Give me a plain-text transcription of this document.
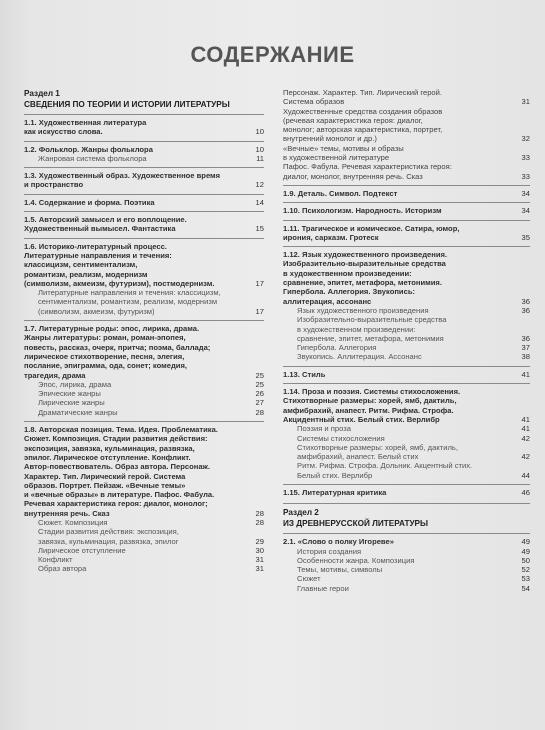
СОДЕРЖАНИЕ
Раздел 1
СВЕДЕНИЯ ПО ТЕОРИИ И ИСТОРИИ ЛИТЕРАТУРЫ
1.1. Художественная литература
как искусство слова.	10
1.2. Фольклор. Жанры фольклора	10
Жанровая система фольклора	11
1.3. Художественный образ. Художественное время
и пространство	12
1.4. Содержание и форма. Поэтика	14
1.5. Авторский замысел и его воплощение.
Художественный вымысел. Фантастика	15
1.6. Историко-литературный процесс.
Литературные направления и течения:
классицизм, сентиментализм,
романтизм, реализм, модернизм
(символизм, акмеизм, футуризм), постмодернизм.	17
Литературные направления и течения: классицизм,
сентиментализм, романтизм, реализм, модернизм
(символизм, акмеизм, футуризм)	17
1.7. Литературные роды: эпос, лирика, драма.
Жанры литературы: роман, роман-эпопея,
повесть, рассказ, очерк, притча; поэма, баллада;
лирическое стихотворение, песня, элегия,
послание, эпиграмма, ода, сонет; комедия,
трагедия, драма	25
Эпос, лирика, драма	25
Эпические жанры	26
Лирические жанры	27
Драматические жанры	28
1.8. Авторская позиция. Тема. Идея. Проблематика.
Сюжет. Композиция. Стадии развития действия:
экспозиция, завязка, кульминация, развязка,
эпилог. Лирическое отступление. Конфликт.
Автор-повествователь. Образ автора. Персонаж.
Характер. Тип. Лирический герой. Система
образов. Портрет. Пейзаж. «Вечные темы»
и «вечные образы» в литературе. Пафос. Фабула.
Речевая характеристика героя: диалог, монолог;
внутренняя речь. Сказ	28
Сюжет. Композиция	28
Стадии развития действия: экспозиция,
завязка, кульминация, развязка, эпилог	29
Лирическое отступление	30
Конфликт	31
Образ автора	31
Персонаж. Характер. Тип. Лирический герой.
Система образов	31
Художественные средства создания образов
(речевая характеристика героя: диалог,
монолог; авторская характеристика, портрет,
внутренний монолог и др.)	32
«Вечные» темы, мотивы и образы
в художественной литературе	33
Пафос. Фабула. Речевая характеристика героя:
диалог, монолог, внутренняя речь. Сказ	33
1.9. Деталь. Символ. Подтекст	34
1.10. Психологизм. Народность. Историзм	34
1.11. Трагическое и комическое. Сатира, юмор,
ирония, сарказм. Гротеск	35
1.12. Язык художественного произведения.
Изобразительно-выразительные средства
в художественном произведении:
сравнение, эпитет, метафора, метонимия.
Гипербола. Аллегория. Звукопись:
аллитерация, ассонанс	36
Язык художественного произведения	36
Изобразительно-выразительные средства
в художественном произведении:
сравнение, эпитет, метафора, метонимия	36
Гипербола. Аллегория	37
Звукопись. Аллитерация. Ассонанс	38
1.13. Стиль	41
1.14. Проза и поэзия. Системы стихосложения.
Стихотворные размеры: хорей, ямб, дактиль,
амфибрахий, анапест. Ритм. Рифма. Строфа.
Акцидентный стих. Белый стих. Верлибр	41
Поэзия и проза	41
Системы стихосложения	42
Стихотворные размеры: хорей, ямб, дактиль,
амфибрахий, анапест. Белый стих	42
Ритм. Рифма. Строфа. Дольник. Акцентный стих.
Белый стих. Верлибр	44
1.15. Литературная критика	46
Раздел 2
ИЗ ДРЕВНЕРУССКОЙ ЛИТЕРАТУРЫ
2.1. «Слово о полку Игореве»	49
История создания	49
Особенности жанра. Композиция	50
Темы, мотивы, символы	52
Сюжет	53
Главные герои	54
